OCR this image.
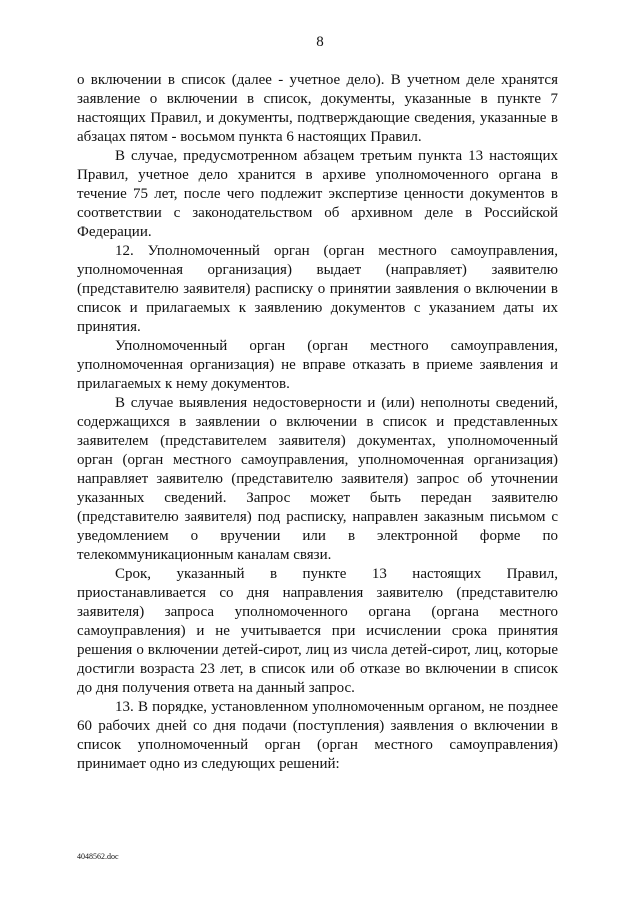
8

о включении в список (далее - учетное дело). В учетном деле хранятся заявление о включении в список, документы, указанные в пункте 7 настоящих Правил, и документы, подтверждающие сведения, указанные в абзацах пятом - восьмом пункта 6 настоящих Правил.

В случае, предусмотренном абзацем третьим пункта 13 настоящих Правил, учетное дело хранится в архиве уполномоченного органа в течение 75 лет, после чего подлежит экспертизе ценности документов в соответствии с законодательством об архивном деле в Российской Федерации.

12. Уполномоченный орган (орган местного самоуправления, уполномоченная организация) выдает (направляет) заявителю (представителю заявителя) расписку о принятии заявления о включении в список и прилагаемых к заявлению документов с указанием даты их принятия.

Уполномоченный орган (орган местного самоуправления, уполномоченная организация) не вправе отказать в приеме заявления и прилагаемых к нему документов.

В случае выявления недостоверности и (или) неполноты сведений, содержащихся в заявлении о включении в список и представленных заявителем (представителем заявителя) документах, уполномоченный орган (орган местного самоуправления, уполномоченная организация) направляет заявителю (представителю заявителя) запрос об уточнении указанных сведений. Запрос может быть передан заявителю (представителю заявителя) под расписку, направлен заказным письмом с уведомлением о вручении или в электронной форме по телекоммуникационным каналам связи.

Срок, указанный в пункте 13 настоящих Правил, приостанавливается со дня направления заявителю (представителю заявителя) запроса уполномоченного органа (органа местного самоуправления) и не учитывается при исчислении срока принятия решения о включении детей-сирот, лиц из числа детей-сирот, лиц, которые достигли возраста 23 лет, в список или об отказе во включении в список до дня получения ответа на данный запрос.

13. В порядке, установленном уполномоченным органом, не позднее 60 рабочих дней со дня подачи (поступления) заявления о включении в список уполномоченный орган (орган местного самоуправления) принимает одно из следующих решений:

4048562.doc
